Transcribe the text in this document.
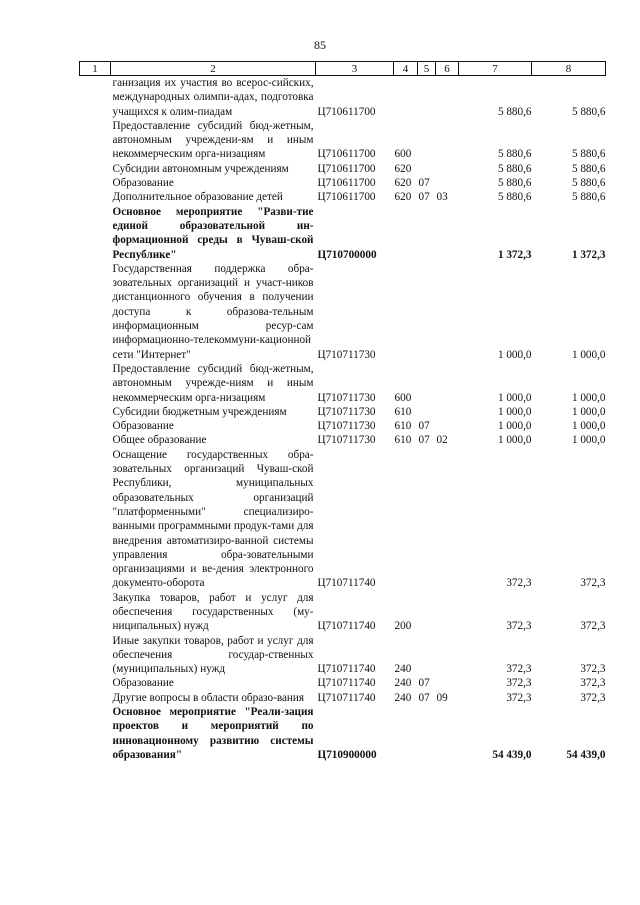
85
1	2	3	4	5	6	7	8
	ганизация их участия во всерос-сийских, международных олимпи-адах, подготовка учащихся к олим-пиадам	Ц710611700				5 880,6	5 880,6
	Предоставление субсидий бюд-жетным, автономным учреждени-ям и иным некоммерческим орга-низациям	Ц710611700	600			5 880,6	5 880,6
	Субсидии автономным учреждениям	Ц710611700	620			5 880,6	5 880,6
	Образование	Ц710611700	620	07		5 880,6	5 880,6
	Дополнительное образование детей	Ц710611700	620	07	03	5 880,6	5 880,6
	Основное мероприятие "Разви-тие единой образовательной ин-формационной среды в Чуваш-ской Республике"	Ц710700000				1 372,3	1 372,3
	Государственная поддержка обра-зовательных организаций и участ-ников дистанционного обучения в получении доступа к образова-тельным информационным ресур-сам информационно-телекоммуни-кационной сети "Интернет"	Ц710711730				1 000,0	1 000,0
	Предоставление субсидий бюд-жетным, автономным учрежде-ниям и иным некоммерческим орга-низациям	Ц710711730	600			1 000,0	1 000,0
	Субсидии бюджетным учреждениям	Ц710711730	610			1 000,0	1 000,0
	Образование	Ц710711730	610	07		1 000,0	1 000,0
	Общее образование	Ц710711730	610	07	02	1 000,0	1 000,0
	Оснащение государственных обра-зовательных организаций Чуваш-ской Республики, муниципальных образовательных организаций "платформенными" специализиро-ванными программными продук-тами для внедрения автоматизиро-ванной системы управления обра-зовательными организациями и ве-дения электронного документо-оборота	Ц710711740				372,3	372,3
	Закупка товаров, работ и услуг для обеспечения государственных (му-ниципальных) нужд	Ц710711740	200			372,3	372,3
	Иные закупки товаров, работ и услуг для обеспечения государ-ственных (муниципальных) нужд	Ц710711740	240			372,3	372,3
	Образование	Ц710711740	240	07		372,3	372,3
	Другие вопросы в области образо-вания	Ц710711740	240	07	09	372,3	372,3
	Основное мероприятие "Реали-зация проектов и мероприятий по инновационному развитию системы образования"	Ц710900000				54 439,0	54 439,0
